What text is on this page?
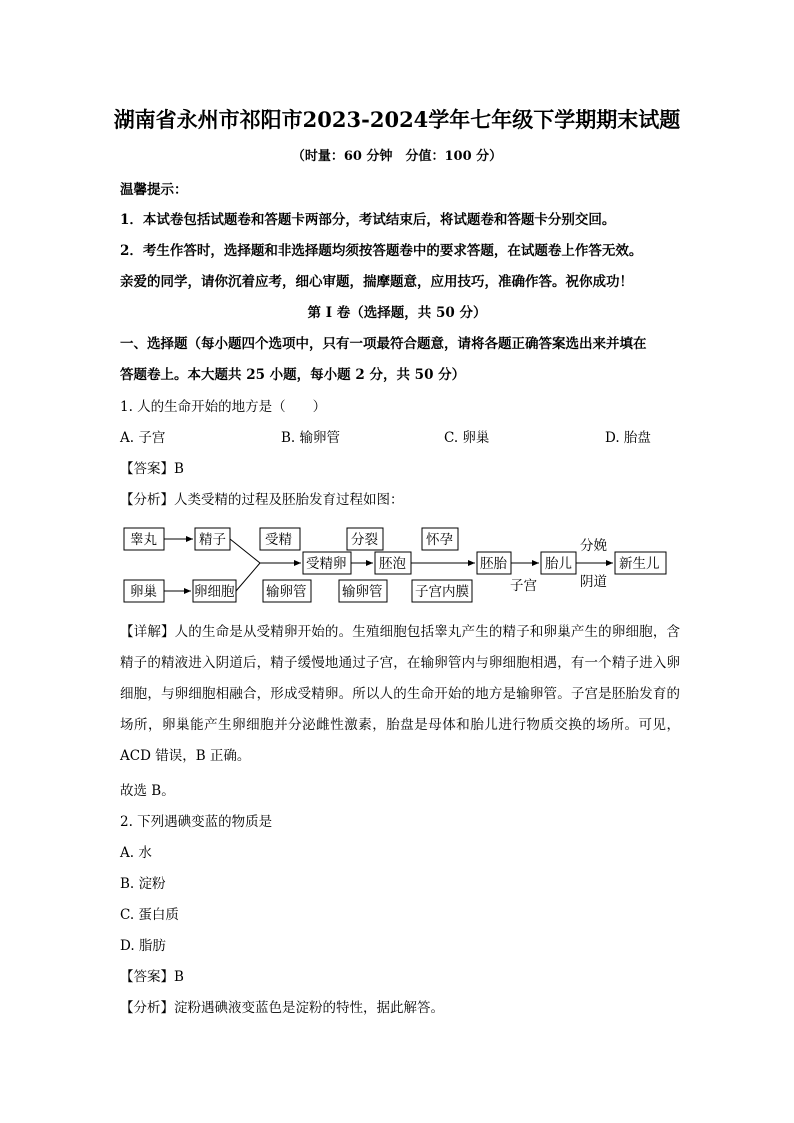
湖南省永州市祁阳市2023-2024学年七年级下学期期末试题
（时量：60 分钟　分值：100 分）
温馨提示：
1．本试卷包括试题卷和答题卡两部分，考试结束后，将试题卷和答题卡分别交回。
2．考生作答时，选择题和非选择题均须按答题卷中的要求答题，在试题卷上作答无效。
亲爱的同学，请你沉着应考，细心审题，揣摩题意，应用技巧，准确作答。祝你成功！
第 I 卷（选择题，共 50 分）
一、选择题（每小题四个选项中，只有一项最符合题意，请将各题正确答案选出来并填在
答题卷上。本大题共 25 小题，每小题 2 分，共 50 分）
1. 人的生命开始的地方是（　　）
A. 子宫	B. 输卵管	C. 卵巢	D. 胎盘
【答案】B
【分析】人类受精的过程及胚胎发育过程如图：
睾丸	精子
卵巢	卵细胞
受精
输卵管
受精卵
分裂
输卵管
胚泡
怀孕
子宫内膜
胚胎
子宫
胎儿
分娩
阴道
新生儿
【详解】人的生命是从受精卵开始的。生殖细胞包括睾丸产生的精子和卵巢产生的卵细胞，含精子的精液进入阴道后，精子缓慢地通过子宫，在输卵管内与卵细胞相遇，有一个精子进入卵细胞，与卵细胞相融合，形成受精卵。所以人的生命开始的地方是输卵管。子宫是胚胎发育的场所，卵巢能产生卵细胞并分泌雌性激素，胎盘是母体和胎儿进行物质交换的场所。可见，ACD 错误，B 正确。
故选 B。
2. 下列遇碘变蓝的物质是
A. 水
B. 淀粉
C. 蛋白质
D. 脂肪
【答案】B
【分析】淀粉遇碘液变蓝色是淀粉的特性，据此解答。
